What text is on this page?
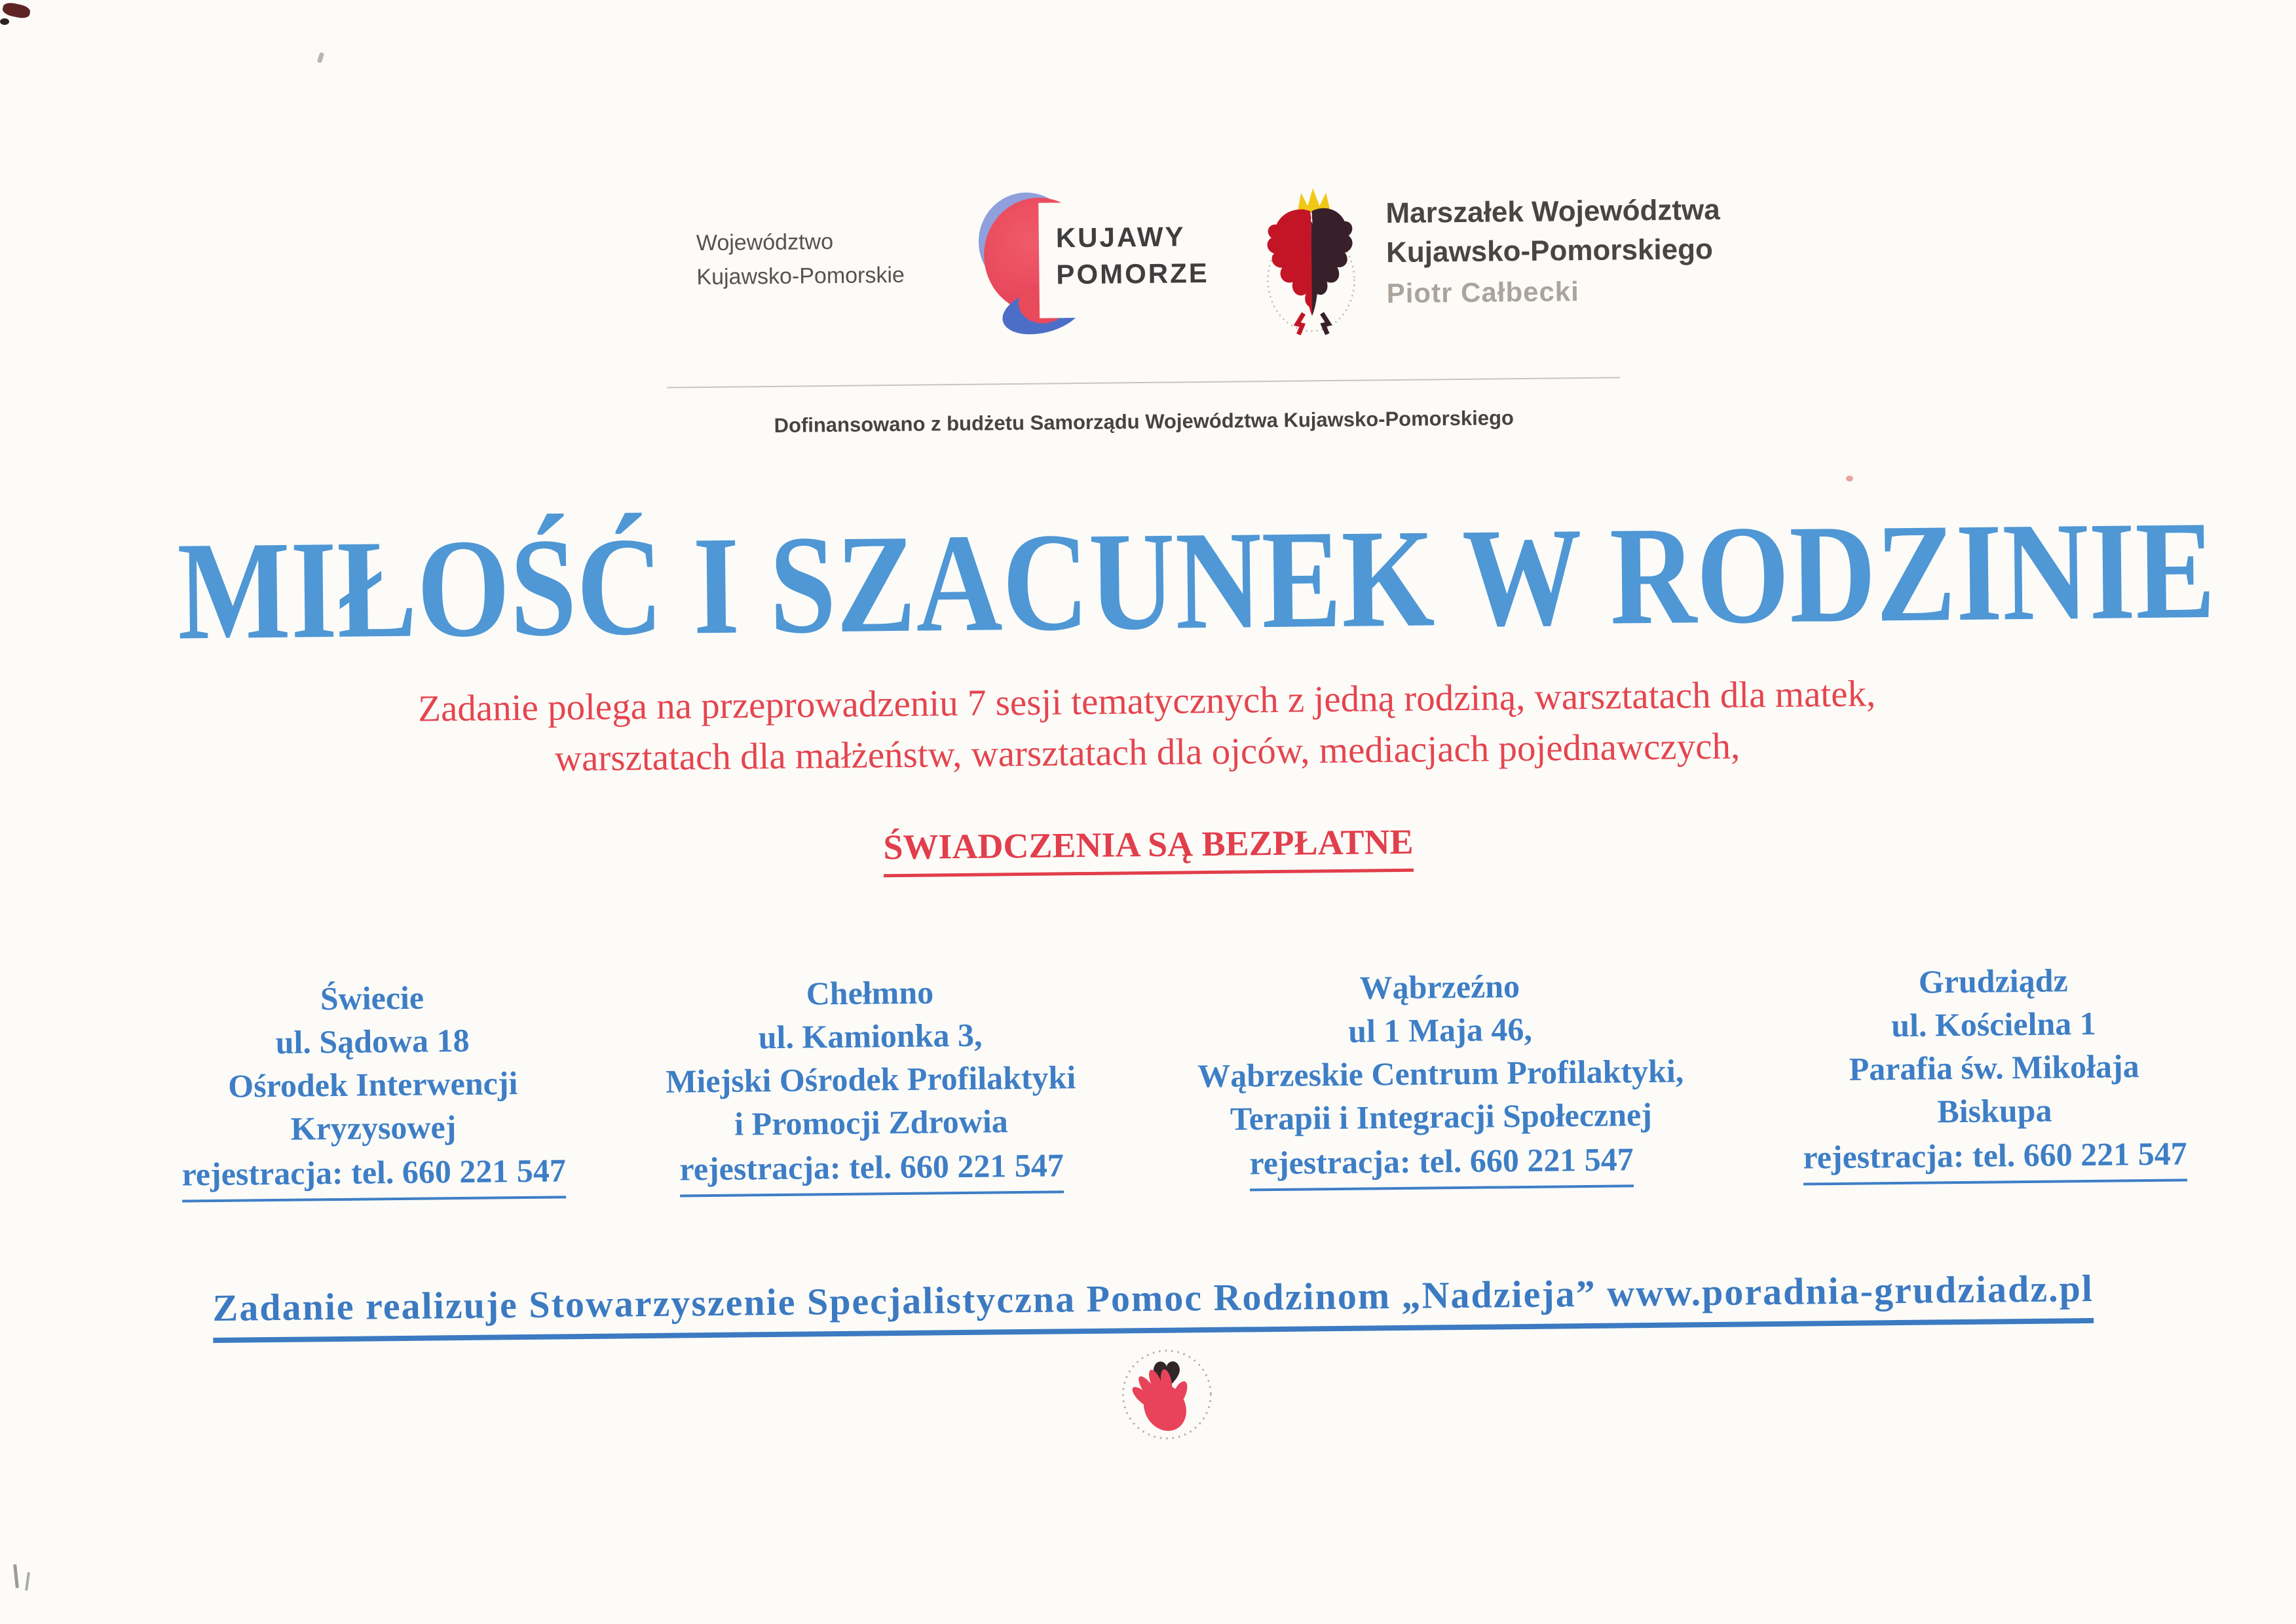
Województwo
Kujawsko-Pomorskie
KUJAWY
POMORZE
Marszałek Województwa
Kujawsko-Pomorskiego
Piotr Całbecki
Dofinansowano z budżetu Samorządu Województwa Kujawsko-Pomorskiego
MIŁOŚĆ I SZACUNEK W RODZINIE
Zadanie polega na przeprowadzeniu 7 sesji tematycznych z jedną rodziną, warsztatach dla matek,
warsztatach dla małżeństw, warsztatach dla ojców, mediacjach pojednawczych,
ŚWIADCZENIA SĄ BEZPŁATNE
Świecie
ul. Sądowa 18
Ośrodek Interwencji
Kryzysowej
rejestracja: tel. 660 221 547
Chełmno
ul. Kamionka 3,
Miejski Ośrodek Profilaktyki
i Promocji Zdrowia
rejestracja: tel. 660 221 547
Wąbrzeźno
ul 1 Maja 46,
Wąbrzeskie Centrum Profilaktyki,
Terapii i Integracji Społecznej
rejestracja: tel. 660 221 547
Grudziądz
ul. Kościelna 1
Parafia św. Mikołaja
Biskupa
rejestracja: tel. 660 221 547
Zadanie realizuje Stowarzyszenie Specjalistyczna Pomoc Rodzinom „Nadzieja” www.poradnia-grudziadz.pl
